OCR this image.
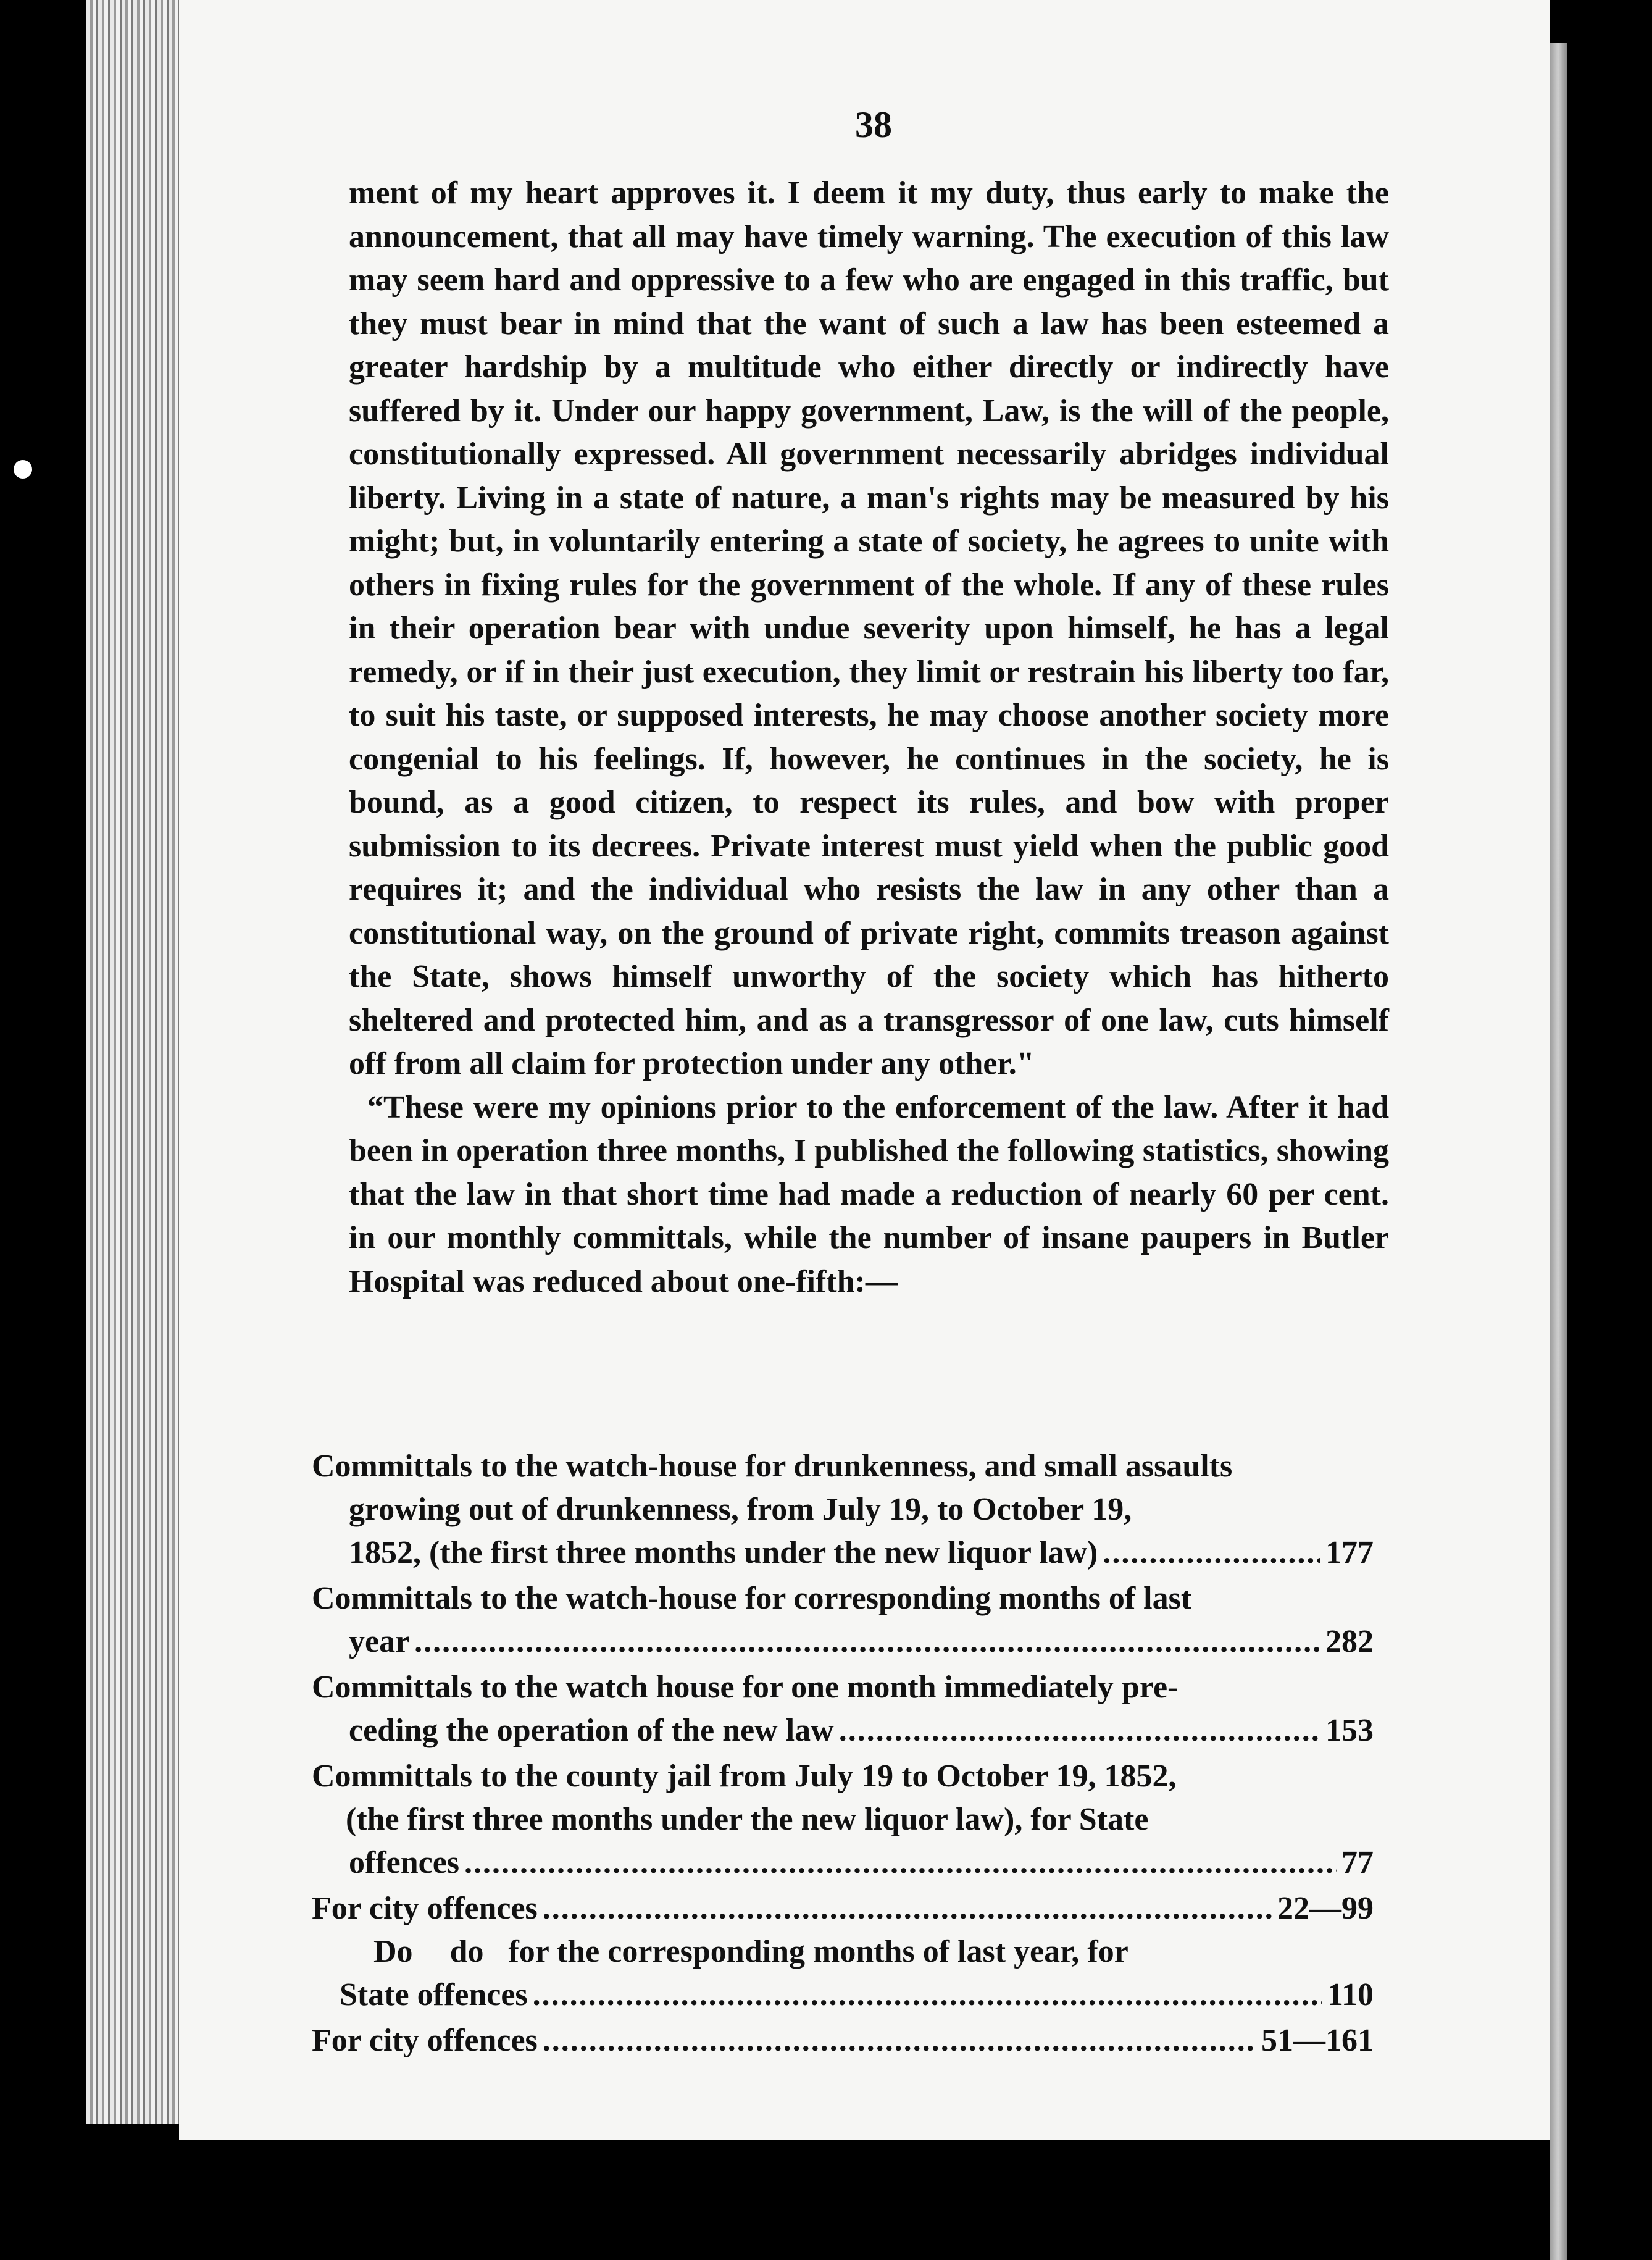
38

ment of my heart approves it. I deem it my duty, thus early to make the announcement, that all may have timely warning. The execution of this law may seem hard and oppressive to a few who are engaged in this traffic, but they must bear in mind that the want of such a law has been esteemed a greater hardship by a multitude who either directly or indirectly have suffered by it. Under our happy government, Law, is the will of the people, constitutionally expressed. All government necessarily abridges individual liberty. Living in a state of nature, a man's rights may be measured by his might; but, in voluntarily entering a state of society, he agrees to unite with others in fixing rules for the government of the whole. If any of these rules in their operation bear with undue severity upon himself, he has a legal remedy, or if in their just execution, they limit or restrain his liberty too far, to suit his taste, or supposed interests, he may choose another society more congenial to his feelings. If, however, he continues in the society, he is bound, as a good citizen, to respect its rules, and bow with proper submission to its decrees. Private interest must yield when the public good requires it; and the individual who resists the law in any other than a constitutional way, on the ground of private right, commits treason against the State, shows himself unworthy of the society which has hitherto sheltered and protected him, and as a transgressor of one law, cuts himself off from all claim for protection under any other."

“These were my opinions prior to the enforcement of the law. After it had been in operation three months, I published the following statistics, showing that the law in that short time had made a reduction of nearly 60 per cent. in our monthly committals, while the number of insane paupers in Butler Hospital was reduced about one-fifth:—

Committals to the watch-house for drunkenness, and small assaults
growing out of drunkenness, from July 19, to October 19,
1852, (the first three months under the new liquor law) .....	177
Committals to the watch-house for corresponding months of last
year .....	282
Committals to the watch house for one month immediately pre-
ceding the operation of the new law .....	153
Committals to the county jail from July 19 to October 19, 1852,
(the first three months under the new liquor law), for State
offences .....	77
For city offences .....	22—99
Do do for the corresponding months of last year, for
State offences .....	110
For city offences .....	51—161
